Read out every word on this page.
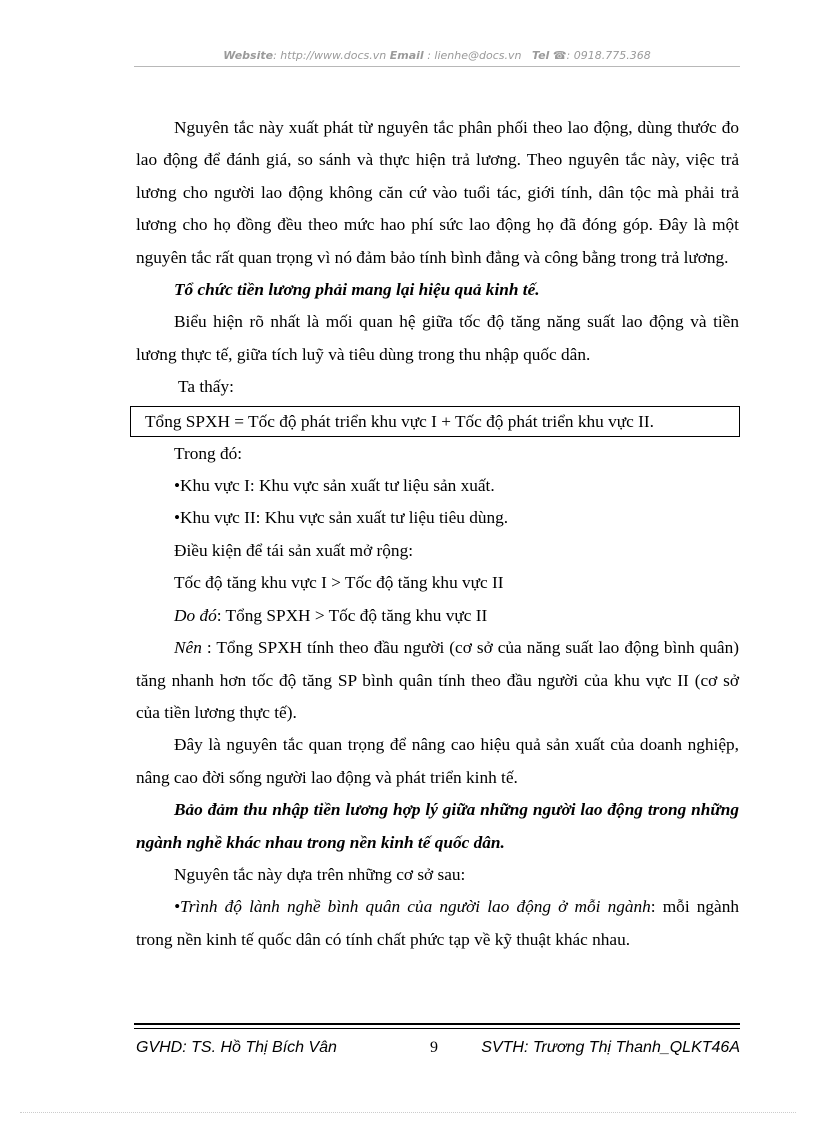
Website: http://www.docs.vn Email : lienhe@docs.vn Tel ☎: 0918.775.368

Nguyên tắc này xuất phát từ nguyên tắc phân phối theo lao động, dùng thước đo lao động để đánh giá, so sánh và thực hiện trả lương. Theo nguyên tắc này, việc trả lương cho người lao động không căn cứ vào tuổi tác, giới tính, dân tộc mà phải trả lương cho họ đồng đều theo mức hao phí sức lao động họ đã đóng góp. Đây là một nguyên tắc rất quan trọng vì nó đảm bảo tính bình đẳng và công bằng trong trả lương.

Tổ chức tiền lương phải mang lại hiệu quả kinh tế.

Biểu hiện rõ nhất là mối quan hệ giữa tốc độ tăng năng suất lao động và tiền lương thực tế, giữa tích luỹ và tiêu dùng trong thu nhập quốc dân.

Ta thấy:

Tổng SPXH = Tốc độ phát triển khu vực I + Tốc độ phát triển khu vực II.

Trong đó:

•Khu vực I: Khu vực sản xuất tư liệu sản xuất.

•Khu vực II: Khu vực sản xuất tư liệu tiêu dùng.

Điều kiện để tái sản xuất mở rộng:

Tốc độ tăng khu vực I > Tốc độ tăng khu vực II

Do đó: Tổng SPXH > Tốc độ tăng khu vực II

Nên : Tổng SPXH tính theo đầu người (cơ sở của năng suất lao động bình quân) tăng nhanh hơn tốc độ tăng SP bình quân tính theo đầu người của khu vực II (cơ sở của tiền lương thực tế).

Đây là nguyên tắc quan trọng để nâng cao hiệu quả sản xuất của doanh nghiệp, nâng cao đời sống người lao động và phát triển kinh tế.

Bảo đảm thu nhập tiền lương hợp lý giữa những người lao động trong những ngành nghề khác nhau trong nền kinh tế quốc dân.

Nguyên tắc này dựa trên những cơ sở sau:

•Trình độ lành nghề bình quân của người lao động ở mỗi ngành: mỗi ngành trong nền kinh tế quốc dân có tính chất phức tạp về kỹ thuật khác nhau.

GVHD: TS. Hồ Thị Bích Vân	9	SVTH: Trương Thị Thanh_QLKT46A
